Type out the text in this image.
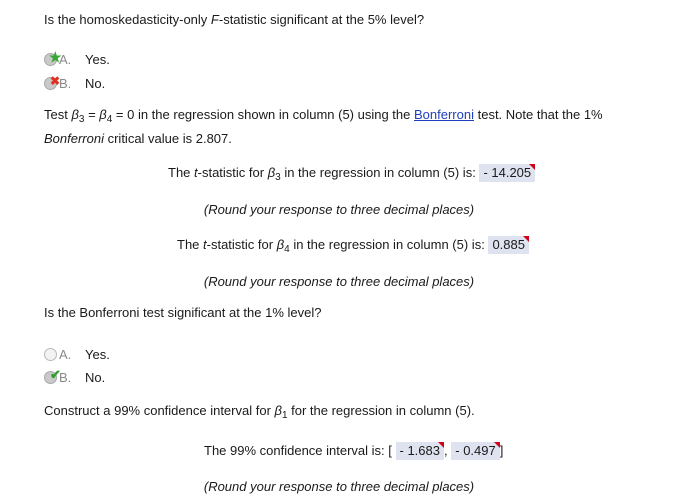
Is the homoskedasticity-only F-statistic significant at the 5% level?
★
A.	Yes.
✖
B.	No.
Test $\beta_3 = \beta_4 = 0$ in the regression shown in column (5) using the Bonferroni test. Note that the 1%
Bonferroni critical value is 2.807.
The t-statistic for $\beta_3$ in the regression in column (5) is: - 14.205
(Round your response to three decimal places)
The t-statistic for $\beta_4$ in the regression in column (5) is: 0.885
(Round your response to three decimal places)
Is the Bonferroni test significant at the 1% level?
A.	Yes.
✔
B.	No.
Construct a 99% confidence interval for $\beta_1$ for the regression in column (5).
The 99% confidence interval is: [ - 1.683 , - 0.497 ]
(Round your response to three decimal places)
